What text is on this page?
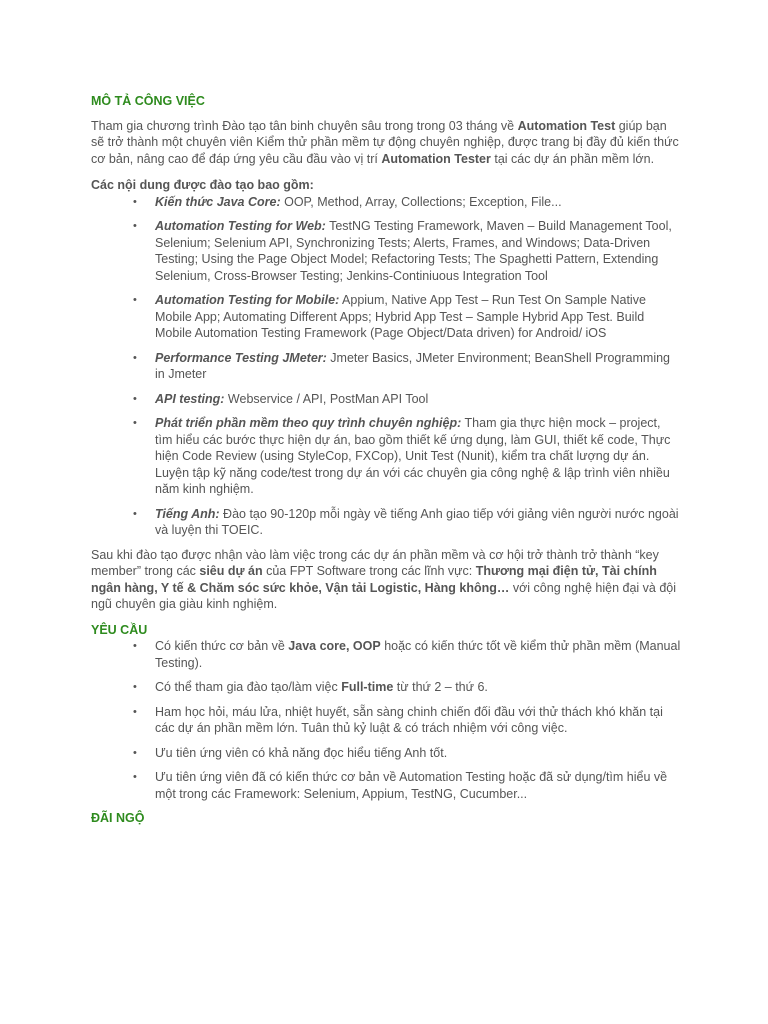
MÔ TẢ CÔNG VIỆC

Tham gia chương trình Đào tạo tân binh chuyên sâu trong trong 03 tháng về Automation Test giúp bạn sẽ trở thành một chuyên viên Kiểm thử phần mềm tự động chuyên nghiệp, được trang bị đầy đủ kiến thức cơ bản, nâng cao để đáp ứng yêu cầu đầu vào vị trí Automation Tester tại các dự án phần mềm lớn.

Các nội dung được đào tạo bao gồm:

• Kiến thức Java Core: OOP, Method, Array, Collections; Exception, File...
• Automation Testing for Web: TestNG Testing Framework, Maven – Build Management Tool, Selenium; Selenium API, Synchronizing Tests; Alerts, Frames, and Windows; Data-Driven Testing; Using the Page Object Model; Refactoring Tests; The Spaghetti Pattern, Extending Selenium, Cross-Browser Testing; Jenkins-Continiuous Integration Tool
• Automation Testing for Mobile: Appium, Native App Test – Run Test On Sample Native Mobile App; Automating Different Apps; Hybrid App Test – Sample Hybrid App Test. Build Mobile Automation Testing Framework (Page Object/Data driven) for Android/ iOS
• Performance Testing JMeter: Jmeter Basics, JMeter Environment; BeanShell Programming in Jmeter
• API testing: Webservice / API, PostMan API Tool
• Phát triển phần mềm theo quy trình chuyên nghiệp: Tham gia thực hiện mock – project, tìm hiểu các bước thực hiện dự án, bao gồm thiết kế ứng dụng, làm GUI, thiết kế code, Thực hiện Code Review (using StyleCop, FXCop), Unit Test (Nunit), kiểm tra chất lượng dự án. Luyện tập kỹ năng code/test trong dự án với các chuyên gia công nghệ & lập trình viên nhiều năm kinh nghiệm.
• Tiếng Anh: Đào tạo 90-120p mỗi ngày về tiếng Anh giao tiếp với giảng viên người nước ngoài và luyện thi TOEIC.

Sau khi đào tạo được nhận vào làm việc trong các dự án phần mềm và cơ hội trở thành trở thành “key member” trong các siêu dự án của FPT Software trong các lĩnh vực: Thương mại điện tử, Tài chính ngân hàng, Y tế & Chăm sóc sức khỏe, Vận tải Logistic, Hàng không… với công nghệ hiện đại và đội ngũ chuyên gia giàu kinh nghiệm.

YÊU CẦU

• Có kiến thức cơ bản về Java core, OOP hoặc có kiến thức tốt về kiểm thử phần mềm (Manual Testing).
• Có thể tham gia đào tạo/làm việc Full-time từ thứ 2 – thứ 6.
• Ham học hỏi, máu lửa, nhiệt huyết, sẵn sàng chinh chiến đối đầu với thử thách khó khăn tại các dự án phần mềm lớn. Tuân thủ kỷ luật & có trách nhiệm với công việc.
• Ưu tiên ứng viên có khả năng đọc hiểu tiếng Anh tốt.
• Ưu tiên ứng viên đã có kiến thức cơ bản về Automation Testing hoặc đã sử dụng/tìm hiểu về một trong các Framework: Selenium, Appium, TestNG, Cucumber...

ĐÃI NGỘ
